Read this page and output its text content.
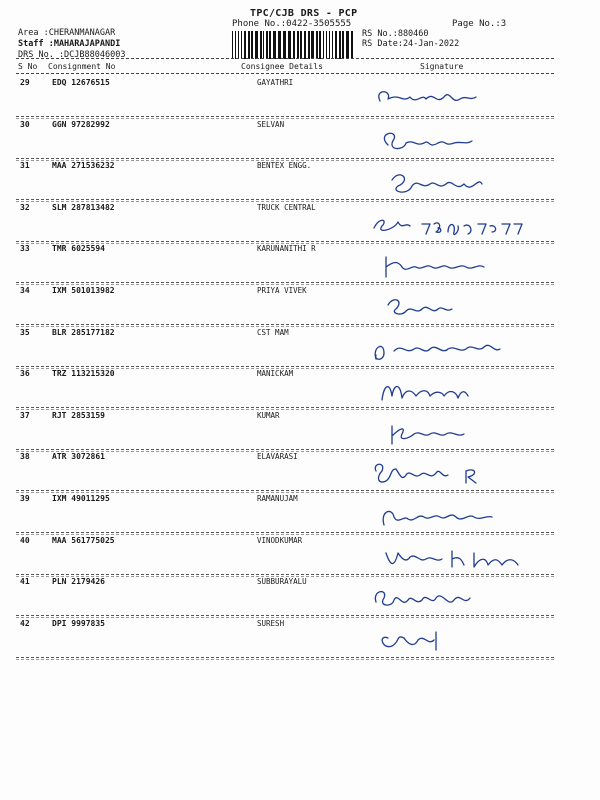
TPC/CJB DRS - PCP
Phone No.:0422-3505555	Page No.:3
Area :CHERANMANAGAR
Staff :MAHARAJAPANDI
DRS No. :DCJB88046003
RS No.:880460
RS Date:24-Jan-2022
S No Consignment No	Consignee Details	Signature
29	EDQ 12676515	GAYATHRI
30	GGN 97282992	SELVAN
31	MAA 271536232	BENTEX ENGG.
32	SLM 287813482	TRUCK CENTRAL
33	TMR 6025594	KARUNANITHI R
34	IXM 501013982	PRIYA VIVEK
35	BLR 285177182	CST MAM
36	TRZ 113215320	MANICKAM
37	RJT 2853159	KUMAR
38	ATR 3072861	ELAVARASI
39	IXM 49011295	RAMANUJAM
40	MAA 561775025	VINODKUMAR
41	PLN 2179426	SUBBURAYALU
42	DPI 9997835	SURESH
